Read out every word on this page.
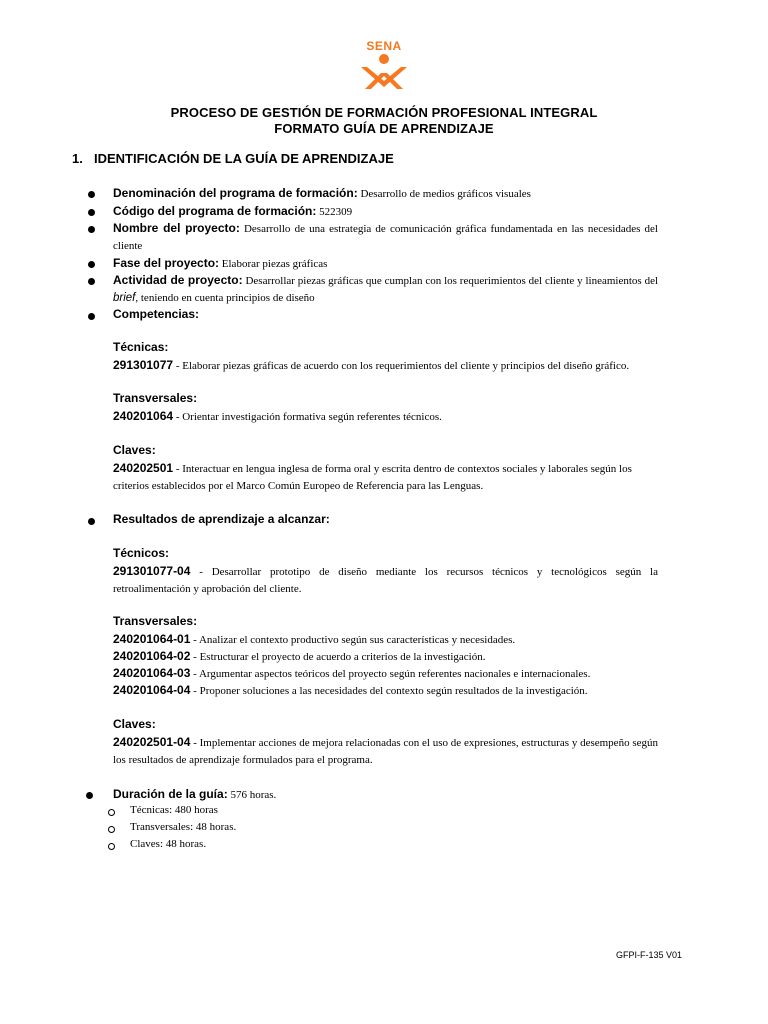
SENA
PROCESO DE GESTIÓN DE FORMACIÓN PROFESIONAL INTEGRAL
FORMATO GUÍA DE APRENDIZAJE
1. IDENTIFICACIÓN DE LA GUÍA DE APRENDIZAJE
Denominación del programa de formación: Desarrollo de medios gráficos visuales
Código del programa de formación: 522309
Nombre del proyecto: Desarrollo de una estrategia de comunicación gráfica fundamentada en las necesidades del cliente
Fase del proyecto: Elaborar piezas gráficas
Actividad de proyecto: Desarrollar piezas gráficas que cumplan con los requerimientos del cliente y lineamientos del brief, teniendo en cuenta principios de diseño
Competencias:
Técnicas:
291301077 - Elaborar piezas gráficas de acuerdo con los requerimientos del cliente y principios del diseño gráfico.
Transversales:
240201064 - Orientar investigación formativa según referentes técnicos.
Claves:
240202501 - Interactuar en lengua inglesa de forma oral y escrita dentro de contextos sociales y laborales según los criterios establecidos por el Marco Común Europeo de Referencia para las Lenguas.
Resultados de aprendizaje a alcanzar:
Técnicos:
291301077-04 - Desarrollar prototipo de diseño mediante los recursos técnicos y tecnológicos según la retroalimentación y aprobación del cliente.
Transversales:
240201064-01 - Analizar el contexto productivo según sus características y necesidades.
240201064-02 - Estructurar el proyecto de acuerdo a criterios de la investigación.
240201064-03 - Argumentar aspectos teóricos del proyecto según referentes nacionales e internacionales.
240201064-04 - Proponer soluciones a las necesidades del contexto según resultados de la investigación.
Claves:
240202501-04 - Implementar acciones de mejora relacionadas con el uso de expresiones, estructuras y desempeño según los resultados de aprendizaje formulados para el programa.
Duración de la guía: 576 horas.
Técnicas: 480 horas
Transversales: 48 horas.
Claves: 48 horas.
GFPI-F-135 V01
